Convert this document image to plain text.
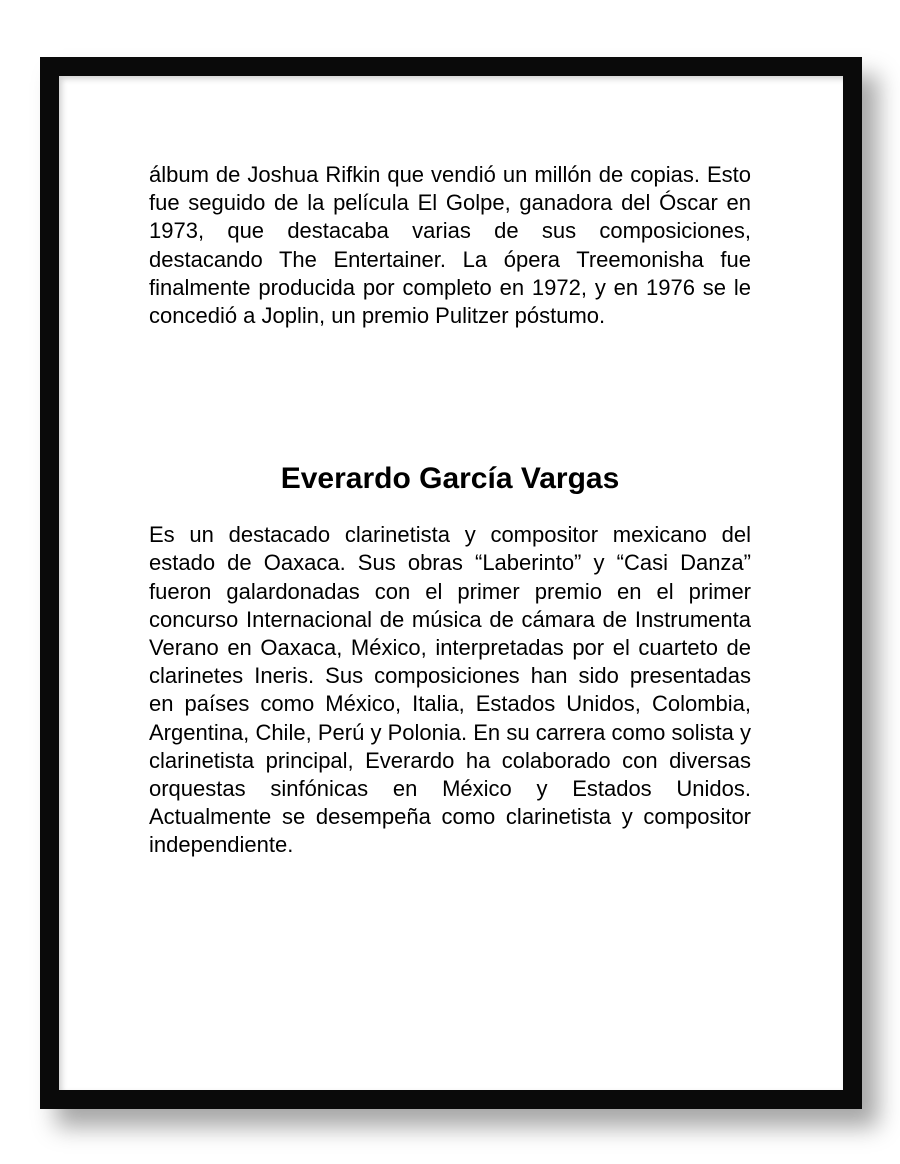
álbum de Joshua Rifkin que vendió un millón de copias. Esto fue seguido de la película El Golpe, ganadora del Óscar en 1973, que destacaba varias de sus composiciones, destacando The Entertainer. La ópera Treemonisha fue finalmente producida por completo en 1972, y en 1976 se le concedió a Joplin, un premio Pulitzer póstumo.

Everardo García Vargas

Es un destacado clarinetista y compositor mexicano del estado de Oaxaca. Sus obras “Laberinto” y “Casi Danza” fueron galardonadas con el primer premio en el primer concurso Internacional de música de cámara de Instrumenta Verano en Oaxaca, México, interpretadas por el cuarteto de clarinetes Ineris. Sus composiciones han sido presentadas en países como México, Italia, Estados Unidos, Colombia, Argentina, Chile, Perú y Polonia. En su carrera como solista y clarinetista principal, Everardo ha colaborado con diversas orquestas sinfónicas en México y Estados Unidos. Actualmente se desempeña como clarinetista y compositor independiente.
